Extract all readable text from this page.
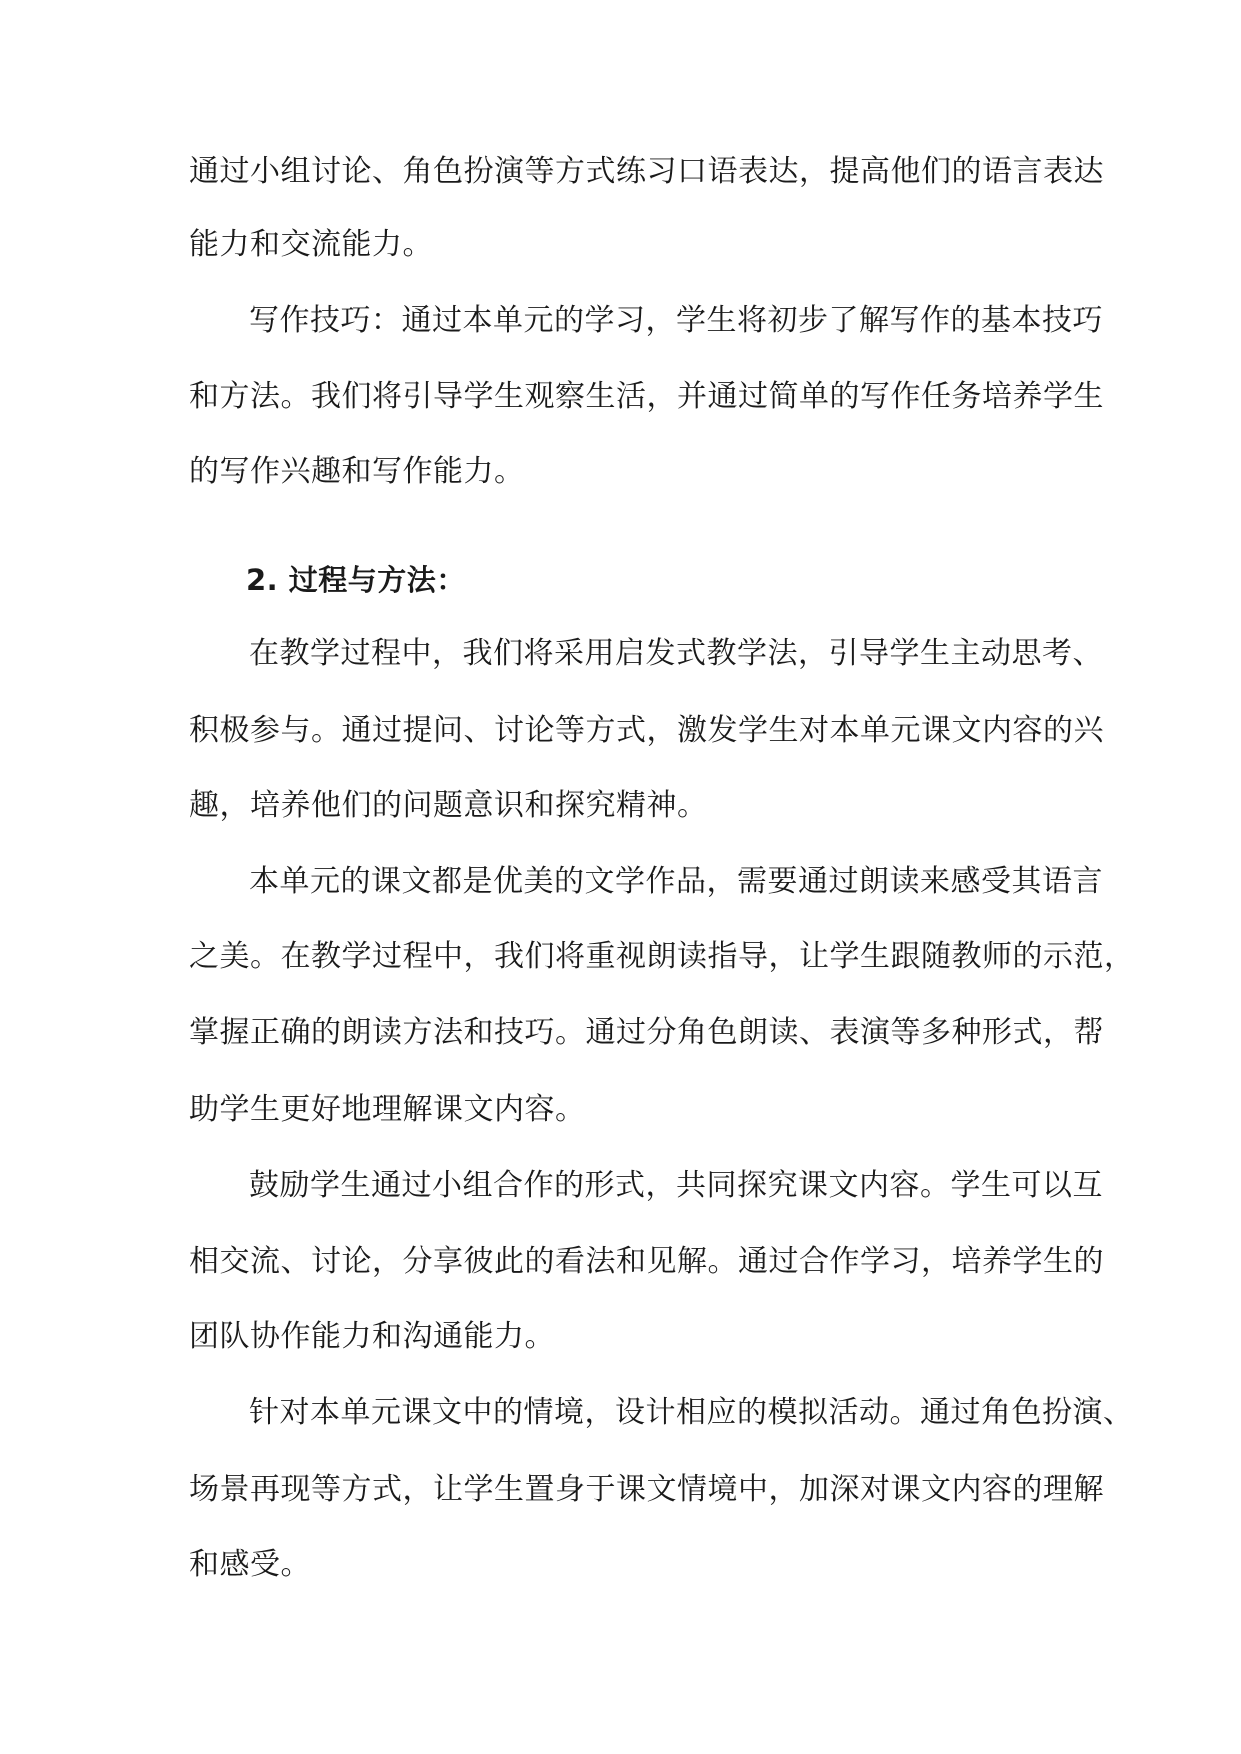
通过小组讨论、角色扮演等方式练习口语表达，提高他们的语言表达
能力和交流能力。
写作技巧：通过本单元的学习，学生将初步了解写作的基本技巧
和方法。我们将引导学生观察生活，并通过简单的写作任务培养学生
的写作兴趣和写作能力。
2. 过程与方法：
在教学过程中，我们将采用启发式教学法，引导学生主动思考、
积极参与。通过提问、讨论等方式，激发学生对本单元课文内容的兴
趣，培养他们的问题意识和探究精神。
本单元的课文都是优美的文学作品，需要通过朗读来感受其语言
之美。在教学过程中，我们将重视朗读指导，让学生跟随教师的示范，
掌握正确的朗读方法和技巧。通过分角色朗读、表演等多种形式，帮
助学生更好地理解课文内容。
鼓励学生通过小组合作的形式，共同探究课文内容。学生可以互
相交流、讨论，分享彼此的看法和见解。通过合作学习，培养学生的
团队协作能力和沟通能力。
针对本单元课文中的情境，设计相应的模拟活动。通过角色扮演、
场景再现等方式，让学生置身于课文情境中，加深对课文内容的理解
和感受。
